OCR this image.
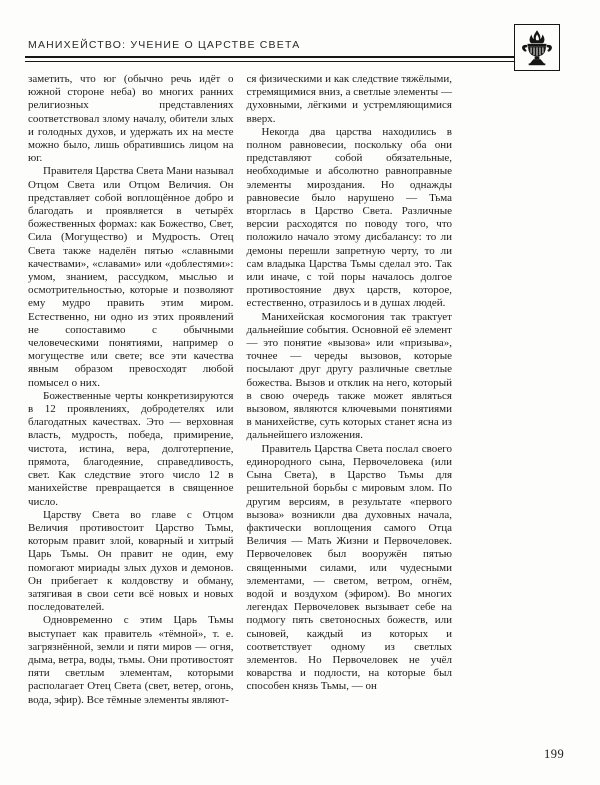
МАНИХЕЙСТВО: УЧЕНИЕ О ЦАРСТВЕ СВЕТА

заметить, что юг (обычно речь идёт о южной стороне неба) во многих ранних религиозных представлениях соответствовал злому началу, обители злых и голодных духов, и удержать их на месте можно было, лишь обратившись лицом на юг.

Правителя Царства Света Мани называл Отцом Света или Отцом Величия. Он представляет собой воплощённое добро и благодать и проявляется в четырёх божественных формах: как Божество, Свет, Сила (Могущество) и Мудрость. Отец Света также наделён пятью «славными качествами», «славами» или «доблестями»: умом, знанием, рассудком, мыслью и осмотрительностью, которые и позволяют ему мудро править этим миром. Естественно, ни одно из этих проявлений не сопоставимо с обычными человеческими понятиями, например о могуществе или свете; все эти качества явным образом превосходят любой помысел о них.

Божественные черты конкретизируются в 12 проявлениях, добродетелях или благодатных качествах. Это — верховная власть, мудрость, победа, примирение, чистота, истина, вера, долготерпение, прямота, благодеяние, справедливость, свет. Как следствие этого число 12 в манихействе превращается в священное число.

Царству Света во главе с Отцом Величия противостоит Царство Тьмы, которым правит злой, коварный и хитрый Царь Тьмы. Он правит не один, ему помогают мириады злых духов и демонов. Он прибегает к колдовству и обману, затягивая в свои сети всё новых и новых последователей.

Одновременно с этим Царь Тьмы выступает как правитель «тёмной», т. е. загрязнённой, земли и пяти миров — огня, дыма, ветра, воды, тьмы. Они противостоят пяти светлым элементам, которыми располагает Отец Света (свет, ветер, огонь, вода, эфир). Все тёмные элементы являют-

ся физическими и как следствие тяжёлыми, стремящимися вниз, а светлые элементы — духовными, лёгкими и устремляющимися вверх.

Некогда два царства находились в полном равновесии, поскольку оба они представляют собой обязательные, необходимые и абсолютно равноправные элементы мироздания. Но однажды равновесие было нарушено — Тьма вторглась в Царство Света. Различные версии расходятся по поводу того, что положило начало этому дисбалансу: то ли демоны перешли запретную черту, то ли сам владыка Царства Тьмы сделал это. Так или иначе, с той поры началось долгое противостояние двух царств, которое, естественно, отразилось и в душах людей.

Манихейская космогония так трактует дальнейшие события. Основной её элемент — это понятие «вызова» или «призыва», точнее — череды вызовов, которые посылают друг другу различные светлые божества. Вызов и отклик на него, который в свою очередь также может являться вызовом, являются ключевыми понятиями в манихействе, суть которых станет ясна из дальнейшего изложения.

Правитель Царства Света послал своего единородного сына, Первочеловека (или Сына Света), в Царство Тьмы для решительной борьбы с мировым злом. По другим версиям, в результате «первого вызова» возникли два духовных начала, фактически воплощения самого Отца Величия — Мать Жизни и Первочеловек. Первочеловек был вооружён пятью священными силами, или чудесными элементами, — светом, ветром, огнём, водой и воздухом (эфиром). Во многих легендах Первочеловек вызывает себе на подмогу пять светоносных божеств, или сыновей, каждый из которых и соответствует одному из светлых элементов. Но Первочеловек не учёл коварства и подлости, на которые был способен князь Тьмы, — он

199
